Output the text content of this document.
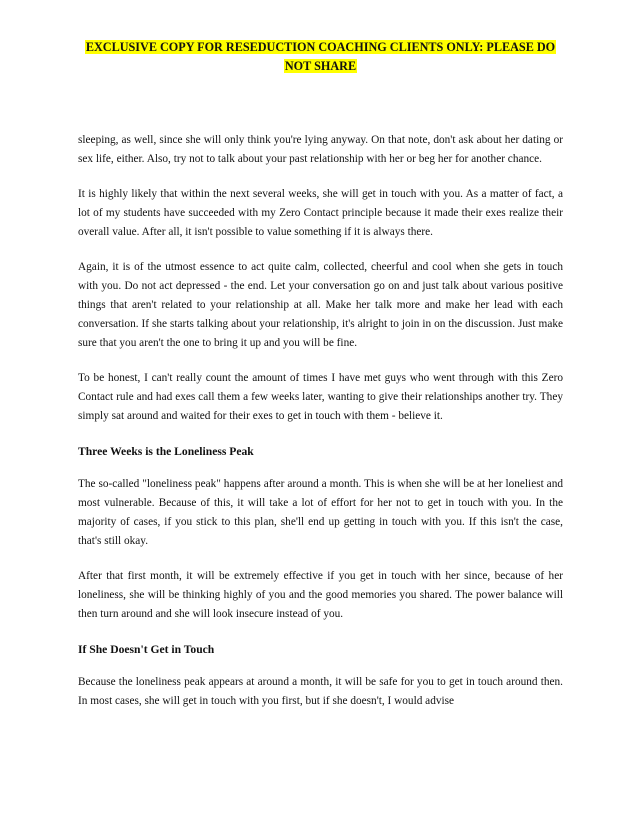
EXCLUSIVE COPY FOR RESEDUCTION COACHING CLIENTS ONLY: PLEASE DO
NOT SHARE

sleeping, as well, since she will only think you're lying anyway. On that note, don't ask about her dating or sex life, either. Also, try not to talk about your past relationship with her or beg her for another chance.

It is highly likely that within the next several weeks, she will get in touch with you. As a matter of fact, a lot of my students have succeeded with my Zero Contact principle because it made their exes realize their overall value. After all, it isn't possible to value something if it is always there.

Again, it is of the utmost essence to act quite calm, collected, cheerful and cool when she gets in touch with you. Do not act depressed - the end. Let your conversation go on and just talk about various positive things that aren't related to your relationship at all. Make her talk more and make her lead with each conversation. If she starts talking about your relationship, it's alright to join in on the discussion. Just make sure that you aren't the one to bring it up and you will be fine.

To be honest, I can't really count the amount of times I have met guys who went through with this Zero Contact rule and had exes call them a few weeks later, wanting to give their relationships another try. They simply sat around and waited for their exes to get in touch with them - believe it.

Three Weeks is the Loneliness Peak

The so-called "loneliness peak" happens after around a month. This is when she will be at her loneliest and most vulnerable. Because of this, it will take a lot of effort for her not to get in touch with you. In the majority of cases, if you stick to this plan, she'll end up getting in touch with you. If this isn't the case, that's still okay.

After that first month, it will be extremely effective if you get in touch with her since, because of her loneliness, she will be thinking highly of you and the good memories you shared. The power balance will then turn around and she will look insecure instead of you.

If She Doesn't Get in Touch

Because the loneliness peak appears at around a month, it will be safe for you to get in touch around then. In most cases, she will get in touch with you first, but if she doesn't, I would advise
